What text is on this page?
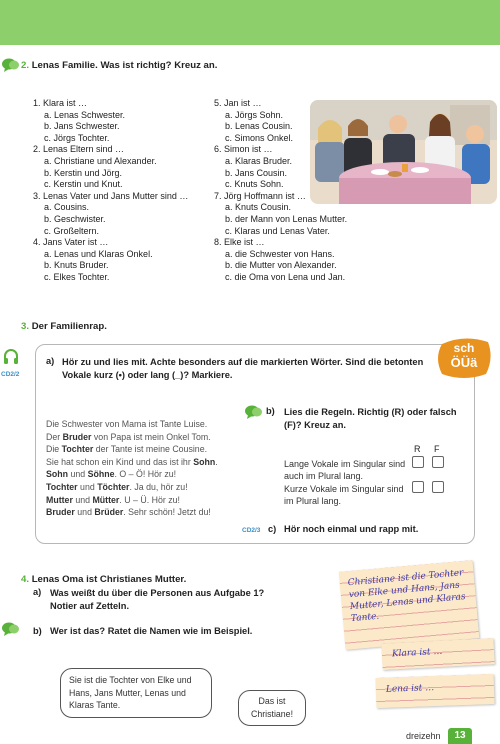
2. Lenas Familie. Was ist richtig? Kreuz an.
1. Klara ist …
a. Lenas Schwester.
b. Jans Schwester.
c. Jörgs Tochter.
2. Lenas Eltern sind …
a. Christiane und Alexander.
b. Kerstin und Jörg.
c. Kerstin und Knut.
3. Lenas Vater und Jans Mutter sind …
a. Cousins.
b. Geschwister.
c. Großeltern.
4. Jans Vater ist …
a. Lenas und Klaras Onkel.
b. Knuts Bruder.
c. Elkes Tochter.
5. Jan ist …
a. Jörgs Sohn.
b. Lenas Cousin.
c. Simons Onkel.
6. Simon ist …
a. Klaras Bruder.
b. Jans Cousin.
c. Knuts Sohn.
7. Jörg Hoffmann ist …
a. Knuts Cousin.
b. der Mann von Lenas Mutter.
c. Klaras und Lenas Vater.
8. Elke ist …
a. die Schwester von Hans.
b. die Mutter von Alexander.
c. die Oma von Lena und Jan.
3. Der Familienrap.
CD2/2
sch
ÖÜä
a) Hör zu und lies mit. Achte besonders auf die markierten Wörter. Sind die betonten Vokale kurz (•) oder lang (_)? Markiere.
Die Schwester von Mama ist Tante Luise.
Der Bruder von Papa ist mein Onkel Tom.
Die Tochter der Tante ist meine Cousine.
Sie hat schon ein Kind und das ist ihr Sohn.
Sohn und Söhne. O – Ö! Hör zu!
Tochter und Töchter. Ja du, hör zu!
Mutter und Mütter. U – Ü. Hör zu!
Bruder und Brüder. Sehr schön! Jetzt du!
b) Lies die Regeln. Richtig (R) oder falsch (F)? Kreuz an.
R F
Lange Vokale im Singular sind auch im Plural lang.
Kurze Vokale im Singular sind im Plural lang.
CD2/3 c) Hör noch einmal und rapp mit.
4. Lenas Oma ist Christianes Mutter.
a) Was weißt du über die Personen aus Aufgabe 1? Notier auf Zetteln.
b) Wer ist das? Ratet die Namen wie im Beispiel.
Christiane ist die Tochter von Elke und Hans, Jans Mutter, Lenas und Klaras Tante.
Klara ist …
Lena ist …
Sie ist die Tochter von Elke und Hans, Jans Mutter, Lenas und Klaras Tante.	Das ist Christiane!
dreizehn	13
